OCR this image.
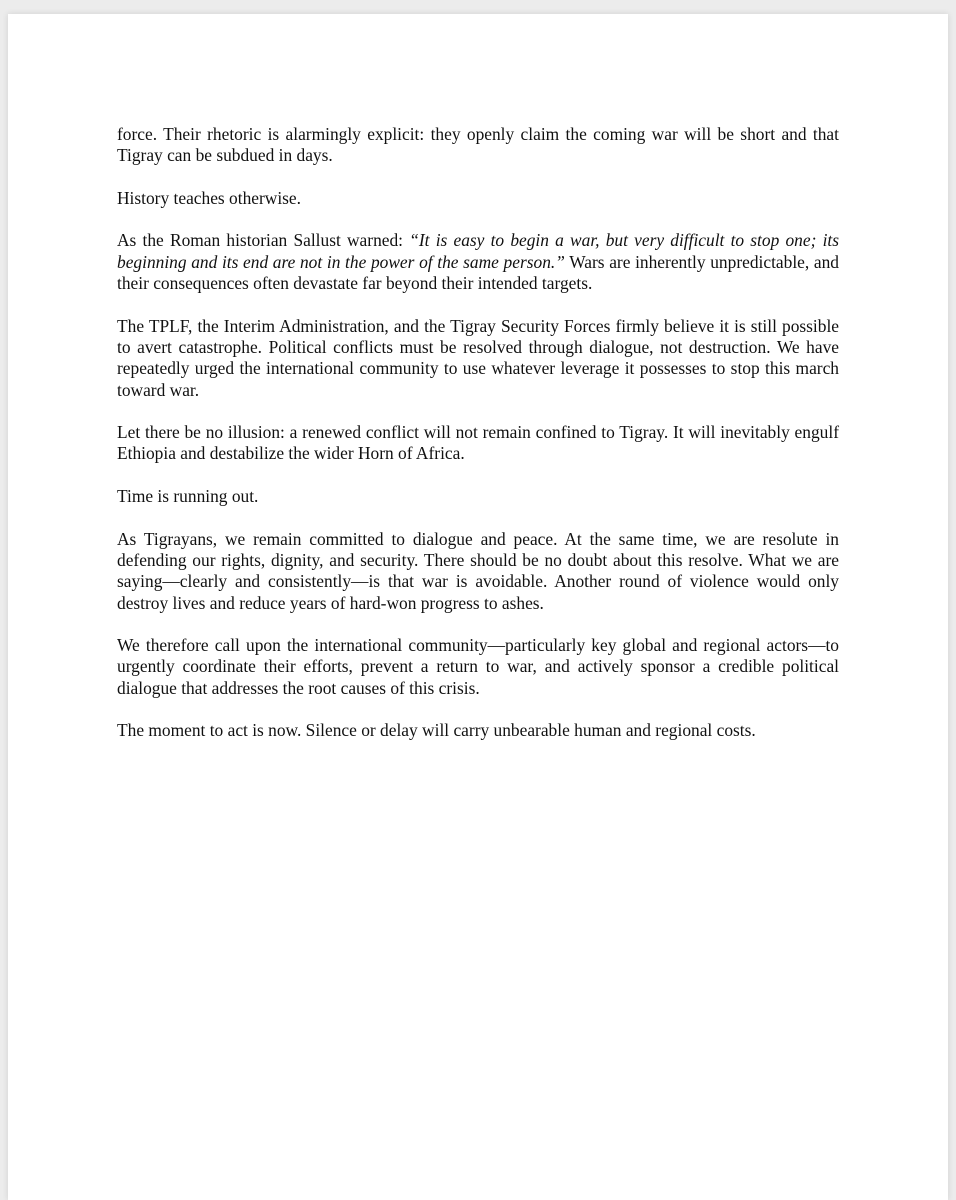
force. Their rhetoric is alarmingly explicit: they openly claim the coming war will be short and that Tigray can be subdued in days.

History teaches otherwise.

As the Roman historian Sallust warned: “It is easy to begin a war, but very difficult to stop one; its beginning and its end are not in the power of the same person.” Wars are inherently unpredictable, and their consequences often devastate far beyond their intended targets.

The TPLF, the Interim Administration, and the Tigray Security Forces firmly believe it is still possible to avert catastrophe. Political conflicts must be resolved through dialogue, not destruction. We have repeatedly urged the international community to use whatever leverage it possesses to stop this march toward war.

Let there be no illusion: a renewed conflict will not remain confined to Tigray. It will inevitably engulf Ethiopia and destabilize the wider Horn of Africa.

Time is running out.

As Tigrayans, we remain committed to dialogue and peace. At the same time, we are resolute in defending our rights, dignity, and security. There should be no doubt about this resolve. What we are saying—clearly and consistently—is that war is avoidable. Another round of violence would only destroy lives and reduce years of hard-won progress to ashes.

We therefore call upon the international community—particularly key global and regional actors—to urgently coordinate their efforts, prevent a return to war, and actively sponsor a credible political dialogue that addresses the root causes of this crisis.

The moment to act is now. Silence or delay will carry unbearable human and regional costs.
